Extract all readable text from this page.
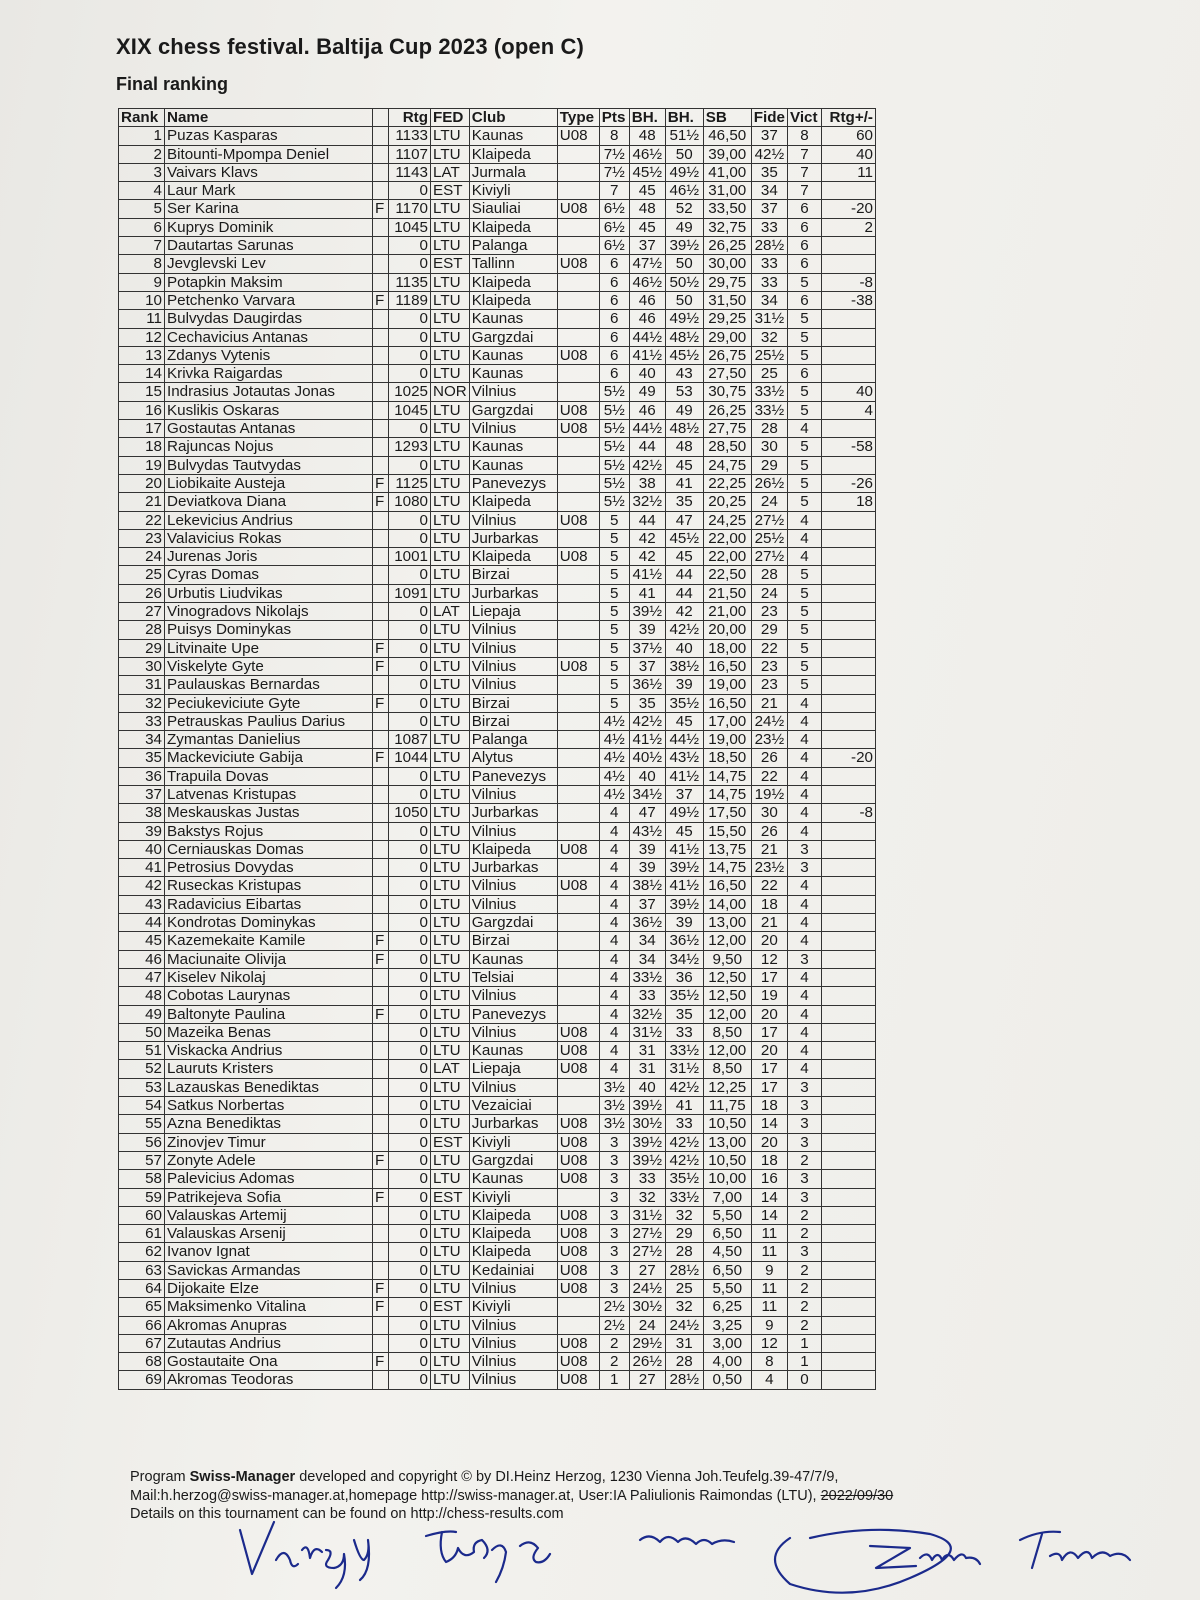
XIX chess festival. Baltija Cup 2023 (open C)
Final ranking
Rank	Name		Rtg	FED	Club	Type	Pts	BH.	BH.	SB	Fide	Vict	Rtg+/-
1	Puzas Kasparas		1133	LTU	Kaunas	U08	8	48	51½	46,50	37	8	60
2	Bitounti-Mpompa Deniel		1107	LTU	Klaipeda		7½	46½	50	39,00	42½	7	40
3	Vaivars Klavs		1143	LAT	Jurmala		7½	45½	49½	41,00	35	7	11
4	Laur Mark		0	EST	Kiviyli		7	45	46½	31,00	34	7	
5	Ser Karina	F	1170	LTU	Siauliai	U08	6½	48	52	33,50	37	6	-20
6	Kuprys Dominik		1045	LTU	Klaipeda		6½	45	49	32,75	33	6	2
7	Dautartas Sarunas		0	LTU	Palanga		6½	37	39½	26,25	28½	6	
8	Jevglevski Lev		0	EST	Tallinn	U08	6	47½	50	30,00	33	6	
9	Potapkin Maksim		1135	LTU	Klaipeda		6	46½	50½	29,75	33	5	-8
10	Petchenko Varvara	F	1189	LTU	Klaipeda		6	46	50	31,50	34	6	-38
11	Bulvydas Daugirdas		0	LTU	Kaunas		6	46	49½	29,25	31½	5	
12	Cechavicius Antanas		0	LTU	Gargzdai		6	44½	48½	29,00	32	5	
13	Zdanys Vytenis		0	LTU	Kaunas	U08	6	41½	45½	26,75	25½	5	
14	Krivka Raigardas		0	LTU	Kaunas		6	40	43	27,50	25	6	
15	Indrasius Jotautas Jonas		1025	NOR	Vilnius		5½	49	53	30,75	33½	5	40
16	Kuslikis Oskaras		1045	LTU	Gargzdai	U08	5½	46	49	26,25	33½	5	4
17	Gostautas Antanas		0	LTU	Vilnius	U08	5½	44½	48½	27,75	28	4	
18	Rajuncas Nojus		1293	LTU	Kaunas		5½	44	48	28,50	30	5	-58
19	Bulvydas Tautvydas		0	LTU	Kaunas		5½	42½	45	24,75	29	5	
20	Liobikaite Austeja	F	1125	LTU	Panevezys		5½	38	41	22,25	26½	5	-26
21	Deviatkova Diana	F	1080	LTU	Klaipeda		5½	32½	35	20,25	24	5	18
22	Lekevicius Andrius		0	LTU	Vilnius	U08	5	44	47	24,25	27½	4	
23	Valavicius Rokas		0	LTU	Jurbarkas		5	42	45½	22,00	25½	4	
24	Jurenas Joris		1001	LTU	Klaipeda	U08	5	42	45	22,00	27½	4	
25	Cyras Domas		0	LTU	Birzai		5	41½	44	22,50	28	5	
26	Urbutis Liudvikas		1091	LTU	Jurbarkas		5	41	44	21,50	24	5	
27	Vinogradovs Nikolajs		0	LAT	Liepaja		5	39½	42	21,00	23	5	
28	Puisys Dominykas		0	LTU	Vilnius		5	39	42½	20,00	29	5	
29	Litvinaite Upe	F	0	LTU	Vilnius		5	37½	40	18,00	22	5	
30	Viskelyte Gyte	F	0	LTU	Vilnius	U08	5	37	38½	16,50	23	5	
31	Paulauskas Bernardas		0	LTU	Vilnius		5	36½	39	19,00	23	5	
32	Peciukeviciute Gyte	F	0	LTU	Birzai		5	35	35½	16,50	21	4	
33	Petrauskas Paulius Darius		0	LTU	Birzai		4½	42½	45	17,00	24½	4	
34	Zymantas Danielius		1087	LTU	Palanga		4½	41½	44½	19,00	23½	4	
35	Mackeviciute Gabija	F	1044	LTU	Alytus		4½	40½	43½	18,50	26	4	-20
36	Trapuila Dovas		0	LTU	Panevezys		4½	40	41½	14,75	22	4	
37	Latvenas Kristupas		0	LTU	Vilnius		4½	34½	37	14,75	19½	4	
38	Meskauskas Justas		1050	LTU	Jurbarkas		4	47	49½	17,50	30	4	-8
39	Bakstys Rojus		0	LTU	Vilnius		4	43½	45	15,50	26	4	
40	Cerniauskas Domas		0	LTU	Klaipeda	U08	4	39	41½	13,75	21	3	
41	Petrosius Dovydas		0	LTU	Jurbarkas		4	39	39½	14,75	23½	3	
42	Ruseckas Kristupas		0	LTU	Vilnius	U08	4	38½	41½	16,50	22	4	
43	Radavicius Eibartas		0	LTU	Vilnius		4	37	39½	14,00	18	4	
44	Kondrotas Dominykas		0	LTU	Gargzdai		4	36½	39	13,00	21	4	
45	Kazemekaite Kamile	F	0	LTU	Birzai		4	34	36½	12,00	20	4	
46	Maciunaite Olivija	F	0	LTU	Kaunas		4	34	34½	9,50	12	3	
47	Kiselev Nikolaj		0	LTU	Telsiai		4	33½	36	12,50	17	4	
48	Cobotas Laurynas		0	LTU	Vilnius		4	33	35½	12,50	19	4	
49	Baltonyte Paulina	F	0	LTU	Panevezys		4	32½	35	12,00	20	4	
50	Mazeika Benas		0	LTU	Vilnius	U08	4	31½	33	8,50	17	4	
51	Viskacka Andrius		0	LTU	Kaunas	U08	4	31	33½	12,00	20	4	
52	Lauruts Kristers		0	LAT	Liepaja	U08	4	31	31½	8,50	17	4	
53	Lazauskas Benediktas		0	LTU	Vilnius		3½	40	42½	12,25	17	3	
54	Satkus Norbertas		0	LTU	Vezaiciai		3½	39½	41	11,75	18	3	
55	Azna Benediktas		0	LTU	Jurbarkas	U08	3½	30½	33	10,50	14	3	
56	Zinovjev Timur		0	EST	Kiviyli	U08	3	39½	42½	13,00	20	3	
57	Zonyte Adele	F	0	LTU	Gargzdai	U08	3	39½	42½	10,50	18	2	
58	Palevicius Adomas		0	LTU	Kaunas	U08	3	33	35½	10,00	16	3	
59	Patrikejeva Sofia	F	0	EST	Kiviyli		3	32	33½	7,00	14	3	
60	Valauskas Artemij		0	LTU	Klaipeda	U08	3	31½	32	5,50	14	2	
61	Valauskas Arsenij		0	LTU	Klaipeda	U08	3	27½	29	6,50	11	2	
62	Ivanov Ignat		0	LTU	Klaipeda	U08	3	27½	28	4,50	11	3	
63	Savickas Armandas		0	LTU	Kedainiai	U08	3	27	28½	6,50	9	2	
64	Dijokaite Elze	F	0	LTU	Vilnius	U08	3	24½	25	5,50	11	2	
65	Maksimenko Vitalina	F	0	EST	Kiviyli		2½	30½	32	6,25	11	2	
66	Akromas Anupras		0	LTU	Vilnius		2½	24	24½	3,25	9	2	
67	Zutautas Andrius		0	LTU	Vilnius	U08	2	29½	31	3,00	12	1	
68	Gostautaite Ona	F	0	LTU	Vilnius	U08	2	26½	28	4,00	8	1	
69	Akromas Teodoras		0	LTU	Vilnius	U08	1	27	28½	0,50	4	0	
Program Swiss-Manager developed and copyright © by DI.Heinz Herzog, 1230 Vienna Joh.Teufelg.39-47/7/9,
Mail:h.herzog@swiss-manager.at,homepage http://swiss-manager.at, User:IA Paliulionis Raimondas (LTU), 2022/09/30
Details on this tournament can be found on http://chess-results.com
